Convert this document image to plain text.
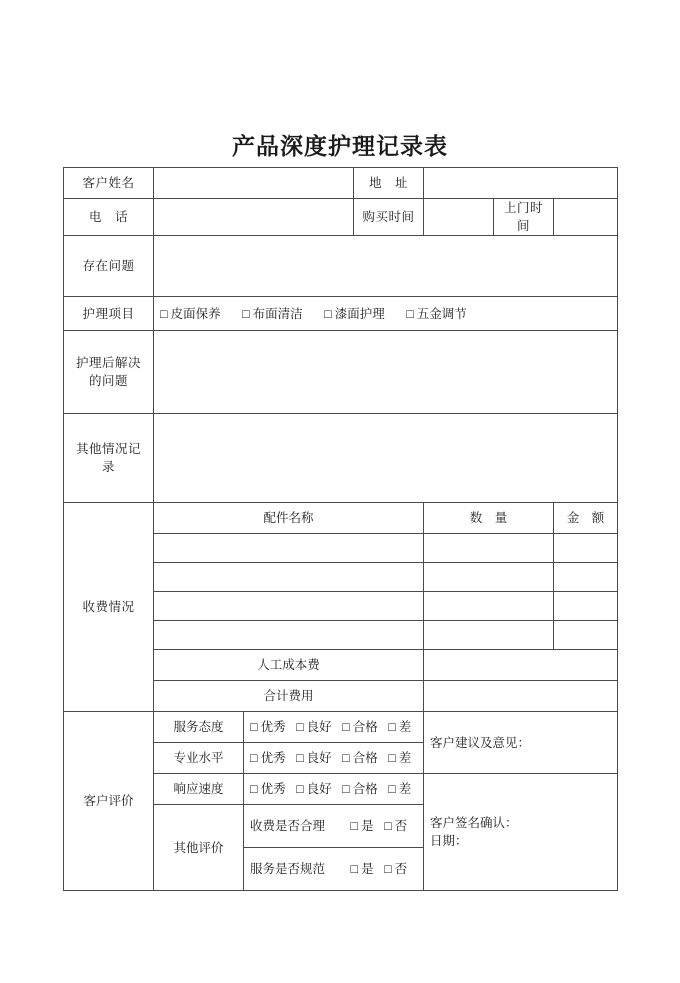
产品深度护理记录表
客户姓名			地　址			
电　话			购买时间		上门时间	
存在问题						
护理项目	□ 皮面保养 □ 布面清洁 □ 漆面护理 □ 五金调节					
护理后解决的问题						
其他情况记录						
收费情况	配件名称			数　量		金　额

	人工成本费					
	合计费用					
客户评价	服务态度	□ 优秀 □ 良好 □ 合格 □ 差		客户建议及意见：		
	专业水平	□ 优秀 □ 良好 □ 合格 □ 差				
	响应速度	□ 优秀 □ 良好 □ 合格 □ 差		客户签名确认：
日期：		

	其他评价	收费是否合理 □ 是 □ 否				
		服务是否规范 □ 是 □ 否				
